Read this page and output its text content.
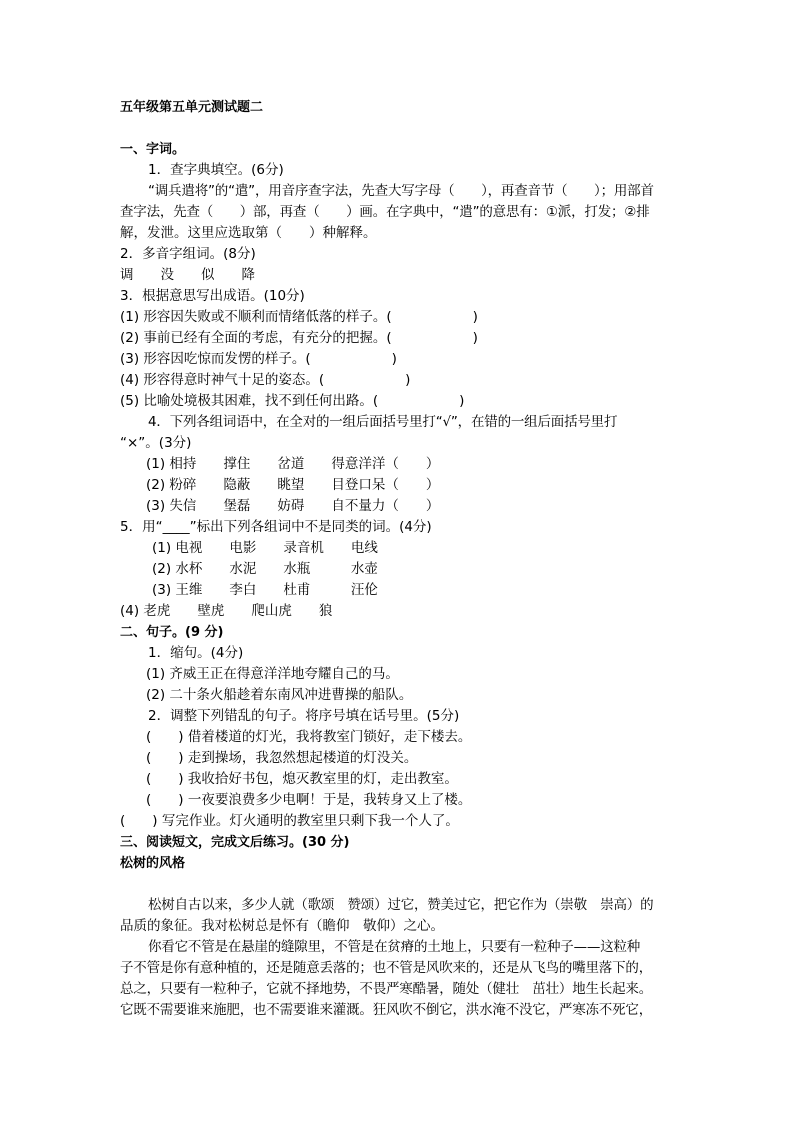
五年级第五单元测试题二
一、字词。
1．查字典填空。(6分)
“调兵遣将”的“遣”，用音序查字法，先查大写字母（　　），再查音节（　　）；用部首
查字法，先查（　　）部，再查（　　）画。在字典中，“遣”的意思有：①派，打发；②排
解，发泄。这里应选取第（　　）种解释。
2．多音字组词。(8分)
调　　没　　似　　降
3．根据意思写出成语。(10分)
(1) 形容因失败或不顺利而情绪低落的样子。(　　　　　　)
(2) 事前已经有全面的考虑，有充分的把握。(　　　　　　)
(3) 形容因吃惊而发愣的样子。(　　　　　　)
(4) 形容得意时神气十足的姿态。(　　　　　　)
(5) 比喻处境极其困难，找不到任何出路。(　　　　　　)
4．下列各组词语中，在全对的一组后面括号里打“√”，在错的一组后面括号里打
“×”。(3分)
(1) 相持　　撑住　　岔道　　得意洋洋（　　）
(2) 粉碎　　隐蔽　　眺望　　目登口呆（　　）
(3) 失信　　堡磊　　妨碍　　自不量力（　　）
5．用“____”标出下列各组词中不是同类的词。(4分)
(1) 电视　　电影　　录音机　　电线
(2) 水杯　　水泥　　水瓶　　　水壶
(3) 王维　　李白　　杜甫　　　汪伦
(4) 老虎　　壁虎　　爬山虎　　狼
二、句子。(9 分)
1．缩句。(4分)
(1) 齐威王正在得意洋洋地夸耀自己的马。
(2) 二十条火船趁着东南风冲进曹操的船队。
2．调整下列错乱的句子。将序号填在话号里。(5分)
(　　) 借着楼道的灯光，我将教室门锁好，走下楼去。
(　　) 走到操场，我忽然想起楼道的灯没关。
(　　) 我收拾好书包，熄灭教室里的灯，走出教室。
(　　) 一夜要浪费多少电啊！于是，我转身又上了楼。
(　　) 写完作业。灯火通明的教室里只剩下我一个人了。
三、阅读短文，完成文后练习。(30 分)
松树的风格
松树自古以来，多少人就（歌颂　赞颂）过它，赞美过它，把它作为（崇敬　崇高）的
品质的象征。我对松树总是怀有（瞻仰　敬仰）之心。
你看它不管是在悬崖的缝隙里，不管是在贫瘠的土地上，只要有一粒种子——这粒种
子不管是你有意种植的，还是随意丢落的；也不管是风吹来的，还是从飞鸟的嘴里落下的，
总之，只要有一粒种子，它就不择地势，不畏严寒酷暑，随处（健壮　茁壮）地生长起来。
它既不需要谁来施肥，也不需要谁来灌溉。狂风吹不倒它，洪水淹不没它，严寒冻不死它，
